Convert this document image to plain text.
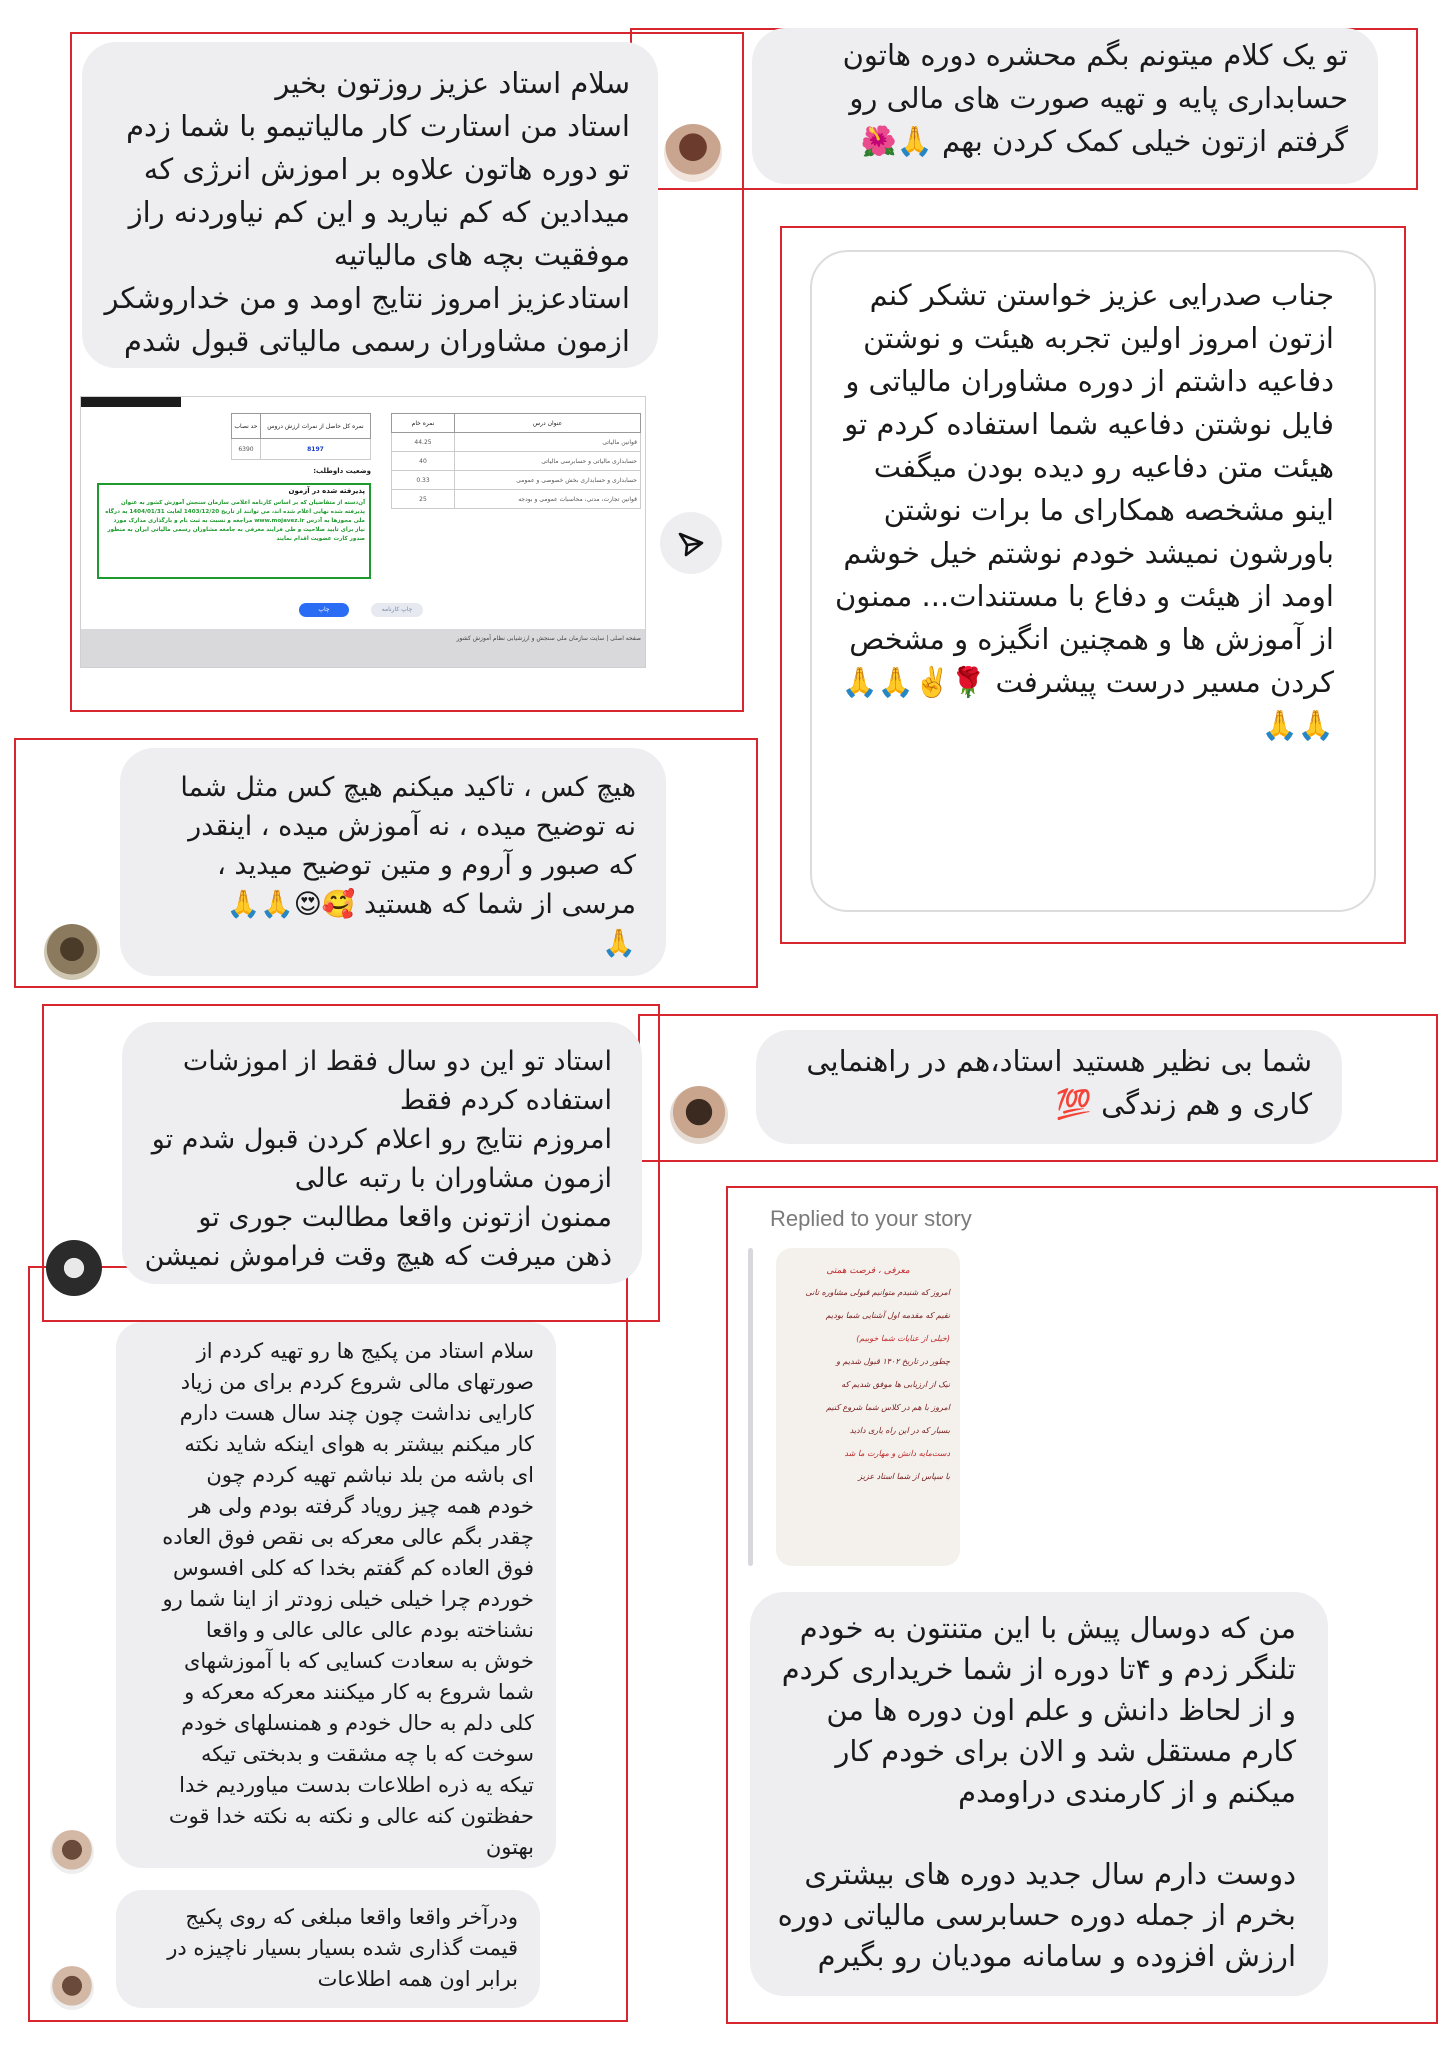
سلام استاد عزیز روزتون بخیر
استاد من استارت کار مالیاتیمو با شما زدم
تو دوره هاتون علاوه بر اموزش انرژی که
میدادین که کم نیارید و این کم نیاوردنه راز
موفقیت بچه های مالیاتیه
استادعزیز امروز نتایج اومد و من خداروشکر
ازمون مشاوران رسمی مالیاتی قبول شدم
عنوان درس	نمره خام
قوانین مالیاتی	44.25
حسابداری مالیاتی و حسابرسی مالیاتی	40
حسابداری و حسابداری بخش خصوصی و عمومی	0.33
قوانین تجارت، مدنی، محاسبات عمومی و بودجه	25
نمره کل حاصل از نمرات ارزش دروس	حد نصاب
8197	6390
وضعیت داوطلب:
پذیرفته شده در آزمون
آن‌دسته از متقاضیان که بر اساس کارنامه اعلامی سازمان سنجش آموزش کشور به عنوان پذیرفته شده نهایی اعلام شده اند، می توانند از تاریخ 1403/12/20 لغایت 1404/01/31 به درگاه ملی مجوزها به آدرس www.mojavez.ir مراجعه و نسبت به ثبت نام و بارگذاری مدارک مورد نیاز برای تایید صلاحیت و طی فرایند معرفی به جامعه مشاوران رسمی مالیاتی ایران به منظور صدور کارت عضویت اقدام نمایند
چاپ	چاپ کارنامه
صفحه اصلی | سایت سازمان ملی سنجش و ارزشیابی نظام آموزش کشور
تو یک کلام میتونم بگم محشره دوره هاتون
حسابداری پایه و تهیه صورت های مالی رو
گرفتم ازتون خیلی کمک کردن بهم 🙏🌺
جناب صدرایی عزیز خواستن تشکر کنم ازتون امروز اولین تجربه هیئت و نوشتن دفاعیه داشتم از دوره مشاوران مالیاتی و فایل نوشتن دفاعیه شما استفاده کردم تو هیئت متن دفاعیه رو دیده بودن میگفت اینو مشخصه همکارای ما برات نوشتن باورشون نمیشد خودم نوشتم خیل خوشم اومد از هیئت و دفاع با مستندات... ممنون از آموزش ها و همچنین انگیزه و مشخص کردن مسیر درست پیشرفت 🌹✌️🙏🙏🙏🙏
هیچ کس ، تاکید میکنم هیچ کس مثل شما
نه توضیح میده ، نه آموزش میده ، اینقدر
که صبور و آروم و متین توضیح میدید ،
مرسی از شما که هستید 🥰😍🙏🙏
🙏
استاد تو این دو سال فقط از اموزشات
استفاده کردم فقط
امروزم نتایج رو اعلام کردن قبول شدم تو
ازمون مشاوران با رتبه عالی
ممنون ازتونن واقعا مطالبت جوری تو
ذهن میرفت که هیچ وقت فراموش نمیشن
شما بی نظیر هستید استاد،هم در راهنمایی
کاری و هم زندگی 💯
سلام استاد من پکیج ها رو تهیه کردم از
صورتهای مالی شروع کردم برای من زیاد
کارایی نداشت چون چند سال هست دارم
کار میکنم بیشتر به هوای اینکه شاید نکته
ای باشه من بلد نباشم تهیه کردم چون
خودم همه چیز رویاد گرفته بودم ولی هر
چقدر بگم عالی معرکه بی نقص فوق العاده
فوق العاده کم گفتم بخدا که کلی افسوس
خوردم چرا خیلی خیلی زودتر از اینا شما رو
نشناخته بودم عالی عالی عالی و واقعا
خوش به سعادت کسایی که با آموزشهای
شما شروع به کار میکنند معرکه معرکه و
کلی دلم به حال خودم و همنسلهای خودم
سوخت که با چه مشقت و بدبختی تیکه
تیکه یه ذره اطلاعات بدست میاوردیم خدا
حفظتون کنه عالی و نکته به نکته خدا قوت
بهتون
ودرآخر واقعا واقعا مبلغی که روی پکیج
قیمت گذاری شده بسیار بسیار ناچیزه در
برابر اون همه اطلاعات
Replied to your story
معرفی ، فرصت همتی
امروز که شنیدم متوانیم قبولی مشاوره تانی
نقیم که مقدمه اول آشنایی شما بودیم
(خیلی از عنایات شما خوبیم)
چطور در تاریخ ۱۴۰۲ قبول شدیم و
نیک از ارزیابی ها موفق شدیم که
امروز با هم در کلاس شما شروع کنیم
بسیار که در این راه یاری دادید
دست‌مایه دانش و مهارت ما شد
با سپاس از شما استاد عزیز
من که دوسال پیش با این متنتون به خودم
تلنگر زدم و ۴تا دوره از شما خریداری کردم
و از لحاظ دانش و علم اون دوره ها من
کارم مستقل شد و الان برای خودم کار
میکنم و از کارمندی دراومدم
دوست دارم سال جدید دوره های بیشتری
بخرم از جمله دوره حسابرسی مالیاتی دوره
ارزش افزوده و سامانه مودیان رو بگیرم
